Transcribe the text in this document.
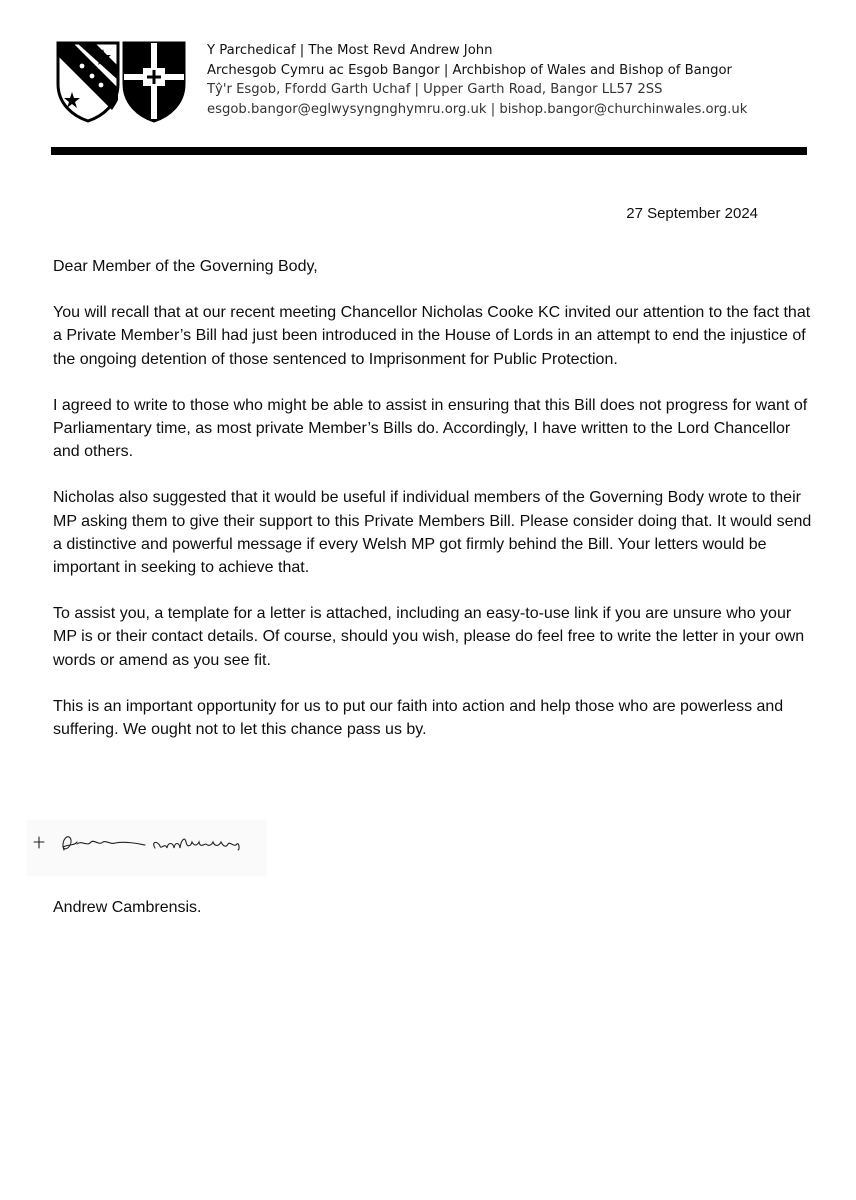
Y Parchedicaf | The Most Revd Andrew John
Archesgob Cymru ac Esgob Bangor | Archbishop of Wales and Bishop of Bangor
Tŷ'r Esgob, Ffordd Garth Uchaf | Upper Garth Road, Bangor LL57 2SS
esgob.bangor@eglwysyngnghymru.org.uk | bishop.bangor@churchinwales.org.uk
27 September 2024

Dear Member of the Governing Body,

You will recall that at our recent meeting Chancellor Nicholas Cooke KC invited our attention to the fact that a Private Member’s Bill had just been introduced in the House of Lords in an attempt to end the injustice of the ongoing detention of those sentenced to Imprisonment for Public Protection.

I agreed to write to those who might be able to assist in ensuring that this Bill does not progress for want of Parliamentary time, as most private Member’s Bills do. Accordingly, I have written to the Lord Chancellor and others.

Nicholas also suggested that it would be useful if individual members of the Governing Body wrote to their MP asking them to give their support to this Private Members Bill. Please consider doing that. It would send a distinctive and powerful message if every Welsh MP got firmly behind the Bill. Your letters would be important in seeking to achieve that.

To assist you, a template for a letter is attached, including an easy-to-use link if you are unsure who your MP is or their contact details. Of course, should you wish, please do feel free to write the letter in your own words or amend as you see fit.

This is an important opportunity for us to put our faith into action and help those who are powerless and suffering. We ought not to let this chance pass us by.

Andrew Cambrensis.
